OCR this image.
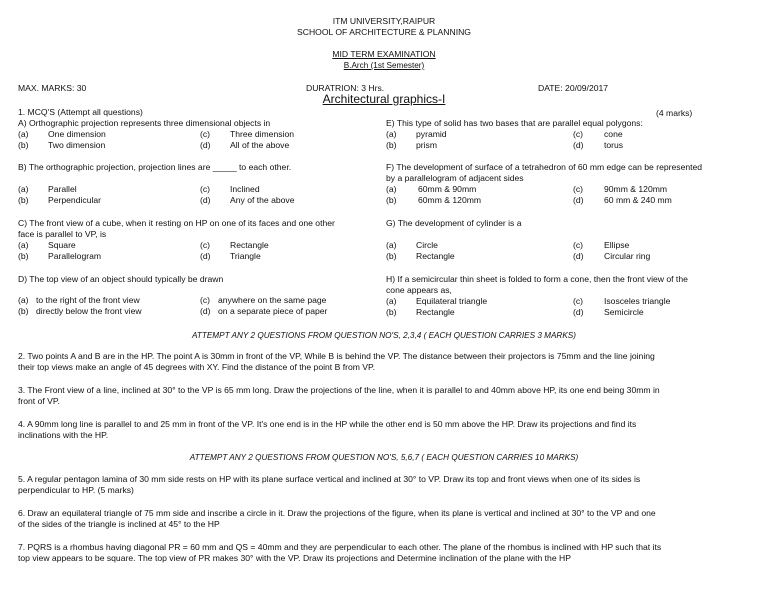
ITM UNIVERSITY,RAIPUR
SCHOOL OF ARCHITECTURE & PLANNING
MID TERM EXAMINATION
B.Arch (1st Semester)
MAX. MARKS: 30	DURATRION: 3 Hrs.	DATE: 20/09/2017
Architectural graphics-I
1. MCQ'S (Attempt all questions)	(4 marks)
A) Orthographic projection represents three dimensional objects in
(a) One dimension	(c) Three dimension
(b) Two dimension	(d) All of the above
B) The orthographic projection, projection lines are _____ to each other.
(a) Parallel	(c) Inclined
(b) Perpendicular	(d) Any of the above
C) The front view of a cube, when it resting on HP on one of its faces and one other
face is parallel to VP, is
(a) Square	(c) Rectangle
(b) Parallelogram	(d) Triangle
D) The top view of an object should typically be drawn
(a) to the right of the front view	(c) anywhere on the same page
(b) directly below the front view	(d) on a separate piece of paper
E) This type of solid has two bases that are parallel equal polygons:
(a) pyramid	(c) cone
(b) prism	(d) torus
F) The development of surface of a tetrahedron of 60 mm edge can be represented
by a parallelogram of adjacent sides
(a) 60mm & 90mm	(c) 90mm & 120mm
(b) 60mm & 120mm	(d) 60 mm & 240 mm
G) The development of cylinder is a
(a) Circle	(c) Ellipse
(b) Rectangle	(d) Circular ring
H) If a semicircular thin sheet is folded to form a cone, then the front view of the
cone appears as,
(a) Equilateral triangle	(c) Isosceles triangle
(b) Rectangle	(d) Semicircle
ATTEMPT ANY 2 QUESTIONS FROM QUESTION NO'S, 2,3,4 ( EACH QUESTION CARRIES 3 MARKS)
2. Two points A and B are in the HP. The point A is 30mm in front of the VP, While B is behind the VP. The distance between their projectors is 75mm and the line joining
their top views make an angle of 45 degrees with XY. Find the distance of the point B from VP.
3. The Front view of a line, inclined at 30° to the VP is 65 mm long. Draw the projections of the line, when it is parallel to and 40mm above HP, its one end being 30mm in
front of VP.
4. A 90mm long line is parallel to and 25 mm in front of the VP. It's one end is in the HP while the other end is 50 mm above the HP. Draw its projections and find its
inclinations with the HP.
ATTEMPT ANY 2 QUESTIONS FROM QUESTION NO'S, 5,6,7 ( EACH QUESTION CARRIES 10 MARKS)
5. A regular pentagon lamina of 30 mm side rests on HP with its plane surface vertical and inclined at 30° to VP. Draw its top and front views when one of its sides is
perpendicular to HP. (5 marks)
6. Draw an equilateral triangle of 75 mm side and inscribe a circle in it. Draw the projections of the figure, when its plane is vertical and inclined at 30° to the VP and one
of the sides of the triangle is inclined at 45° to the HP
7. PQRS is a rhombus having diagonal PR = 60 mm and QS = 40mm and they are perpendicular to each other. The plane of the rhombus is inclined with HP such that its
top view appears to be square. The top view of PR makes 30° with the VP. Draw its projections and Determine inclination of the plane with the HP
